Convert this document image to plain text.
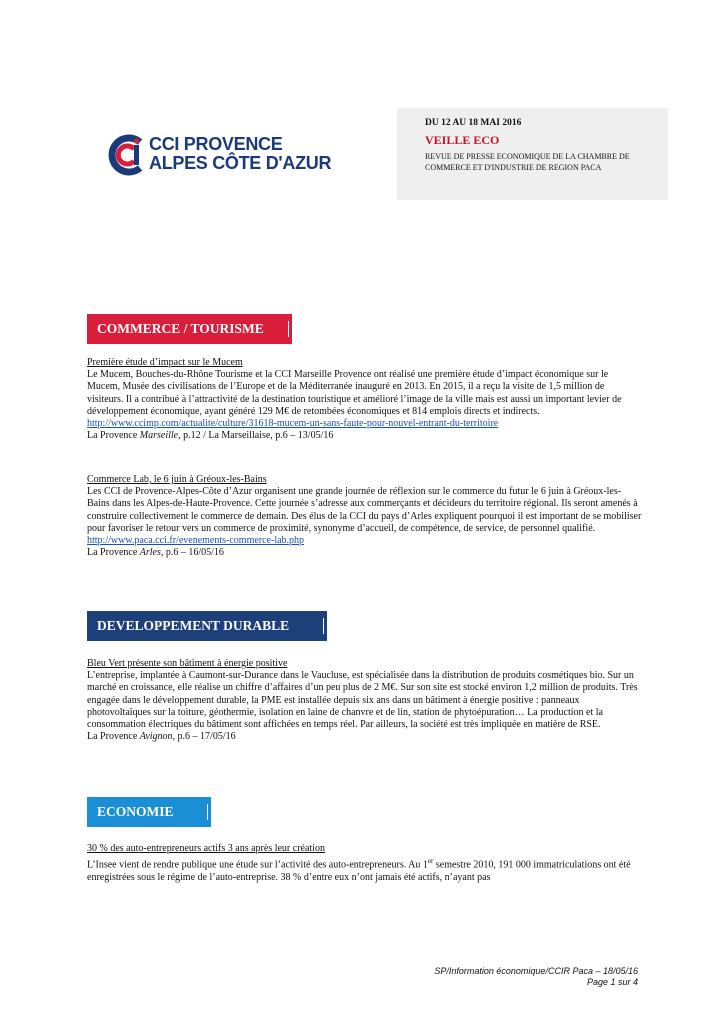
CCI PROVENCE
ALPES CÔTE D'AZUR
DU 12 AU 18 MAI 2016
VEILLE ECO
REVUE DE PRESSE ECONOMIQUE DE LA CHAMBRE DE COMMERCE ET D'INDUSTRIE DE REGION PACA
COMMERCE / TOURISME
Première étude d’impact sur le Mucem
Le Mucem, Bouches-du-Rhône Tourisme et la CCI Marseille Provence ont réalisé une première étude d’impact économique sur le Mucem, Musée des civilisations de l’Europe et de la Méditerranée inauguré en 2013. En 2015, il a reçu la visite de 1,5 million de visiteurs. Il a contribué à l’attractivité de la destination touristique et amélioré l’image de la ville mais est aussi un important levier de développement économique, ayant généré 129 M€ de retombées économiques et 814 emplois directs et indirects.
http://www.ccimp.com/actualite/culture/31618-mucem-un-sans-faute-pour-nouvel-entrant-du-territoire
La Provence Marseille, p.12 / La Marseillaise, p.6 – 13/05/16
Commerce Lab, le 6 juin à Gréoux-les-Bains
Les CCI de Provence-Alpes-Côte d’Azur organisent une grande journée de réflexion sur le commerce du futur le 6 juin à Gréoux-les-Bains dans les Alpes-de-Haute-Provence. Cette journée s’adresse aux commerçants et décideurs du territoire régional. Ils seront amenés à construire collectivement le commerce de demain. Des élus de la CCI du pays d’Arles expliquent pourquoi il est important de se mobiliser pour favoriser le retour vers un commerce de proximité, synonyme d’accueil, de compétence, de service, de personnel qualifié.
http://www.paca.cci.fr/evenements-commerce-lab.php
La Provence Arles, p.6 – 16/05/16
DEVELOPPEMENT DURABLE
Bleu Vert présente son bâtiment à énergie positive
L’entreprise, implantée à Caumont-sur-Durance dans le Vaucluse, est spécialisée dans la distribution de produits cosmétiques bio. Sur un marché en croissance, elle réalise un chiffre d’affaires d’un peu plus de 2 M€. Sur son site est stocké environ 1,2 million de produits. Très engagée dans le développement durable, la PME est installée depuis six ans dans un bâtiment à énergie positive : panneaux photovoltaïques sur la toiture, géothermie, isolation en laine de chanvre et de lin, station de phytoépuration… La production et la consommation électriques du bâtiment sont affichées en temps réel. Par ailleurs, la société est très impliquée en matière de RSE.
La Provence Avignon, p.6 – 17/05/16
ECONOMIE
30 % des auto-entrepreneurs actifs 3 ans après leur création
L’Insee vient de rendre publique une étude sur l’activité des auto-entrepreneurs. Au 1er semestre 2010, 191 000 immatriculations ont été enregistrées sous le régime de l’auto-entreprise. 38 % d’entre eux n’ont jamais été actifs, n’ayant pas
SP/Information économique/CCIR Paca – 18/05/16
Page 1 sur 4
